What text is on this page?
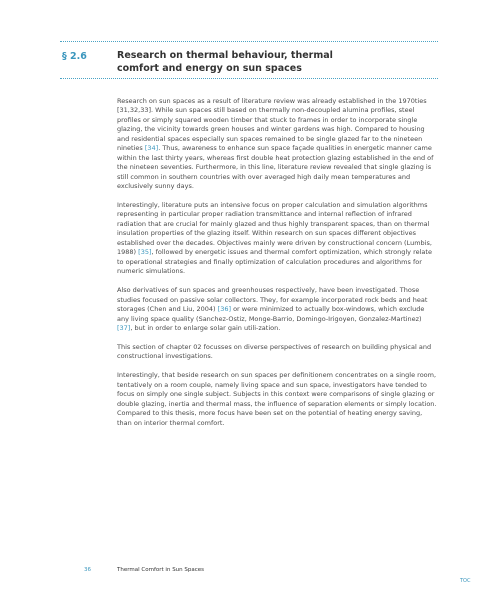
§ 2.6	Research on thermal behaviour, thermal
comfort and energy on sun spaces

Research on sun spaces as a result of literature review was already established in the 1970ties [31,32,33]. While sun spaces still based on thermally non-decoupled alumina profiles, steel profiles or simply squared wooden timber that stuck to frames in order to incorporate single glazing, the vicinity towards green houses and winter gardens was high. Compared to housing and residential spaces especially sun spaces remained to be single glazed far to the nineteen nineties [34]. Thus, awareness to enhance sun space façade qualities in energetic manner came within the last thirty years, whereas first double heat protection glazing established in the end of the nineteen seventies. Furthermore, in this line, literature review revealed that single glazing is still common in southern countries with over averaged high daily mean temperatures and exclusively sunny days.

Interestingly, literature puts an intensive focus on proper calculation and simulation algorithms representing in particular proper radiation transmittance and internal reflection of infrared radiation that are crucial for mainly glazed and thus highly transparent spaces, than on thermal insulation properties of the glazing itself. Within research on sun spaces different objectives established over the decades. Objectives mainly were driven by constructional concern (Lumbis, 1988) [35], followed by energetic issues and thermal comfort optimization, which strongly relate to operational strategies and finally optimization of calculation procedures and algorithms for numeric simulations.

Also derivatives of sun spaces and greenhouses respectively, have been investigated. Those studies focused on passive solar collectors. They, for example incorporated rock beds and heat storages (Chen and Liu, 2004) [36] or were minimized to actually box-windows, which exclude any living space quality (Sanchez-Ostiz, Monge-Barrio, Domingo-Irigoyen, Gonzalez-Martinez) [37], but in order to enlarge solar gain utili-zation.

This section of chapter 02 focusses on diverse perspectives of research on building physical and constructional investigations.

Interestingly, that beside research on sun spaces per definitionem concentrates on a single room, tentatively on a room couple, namely living space and sun space, investigators have tended to focus on simply one single subject. Subjects in this context were comparisons of single glazing or double glazing, inertia and thermal mass, the influence of separation elements or simply location. Compared to this thesis, more focus have been set on the potential of heating energy saving, than on interior thermal comfort.

36	Thermal Comfort in Sun Spaces
TOC
